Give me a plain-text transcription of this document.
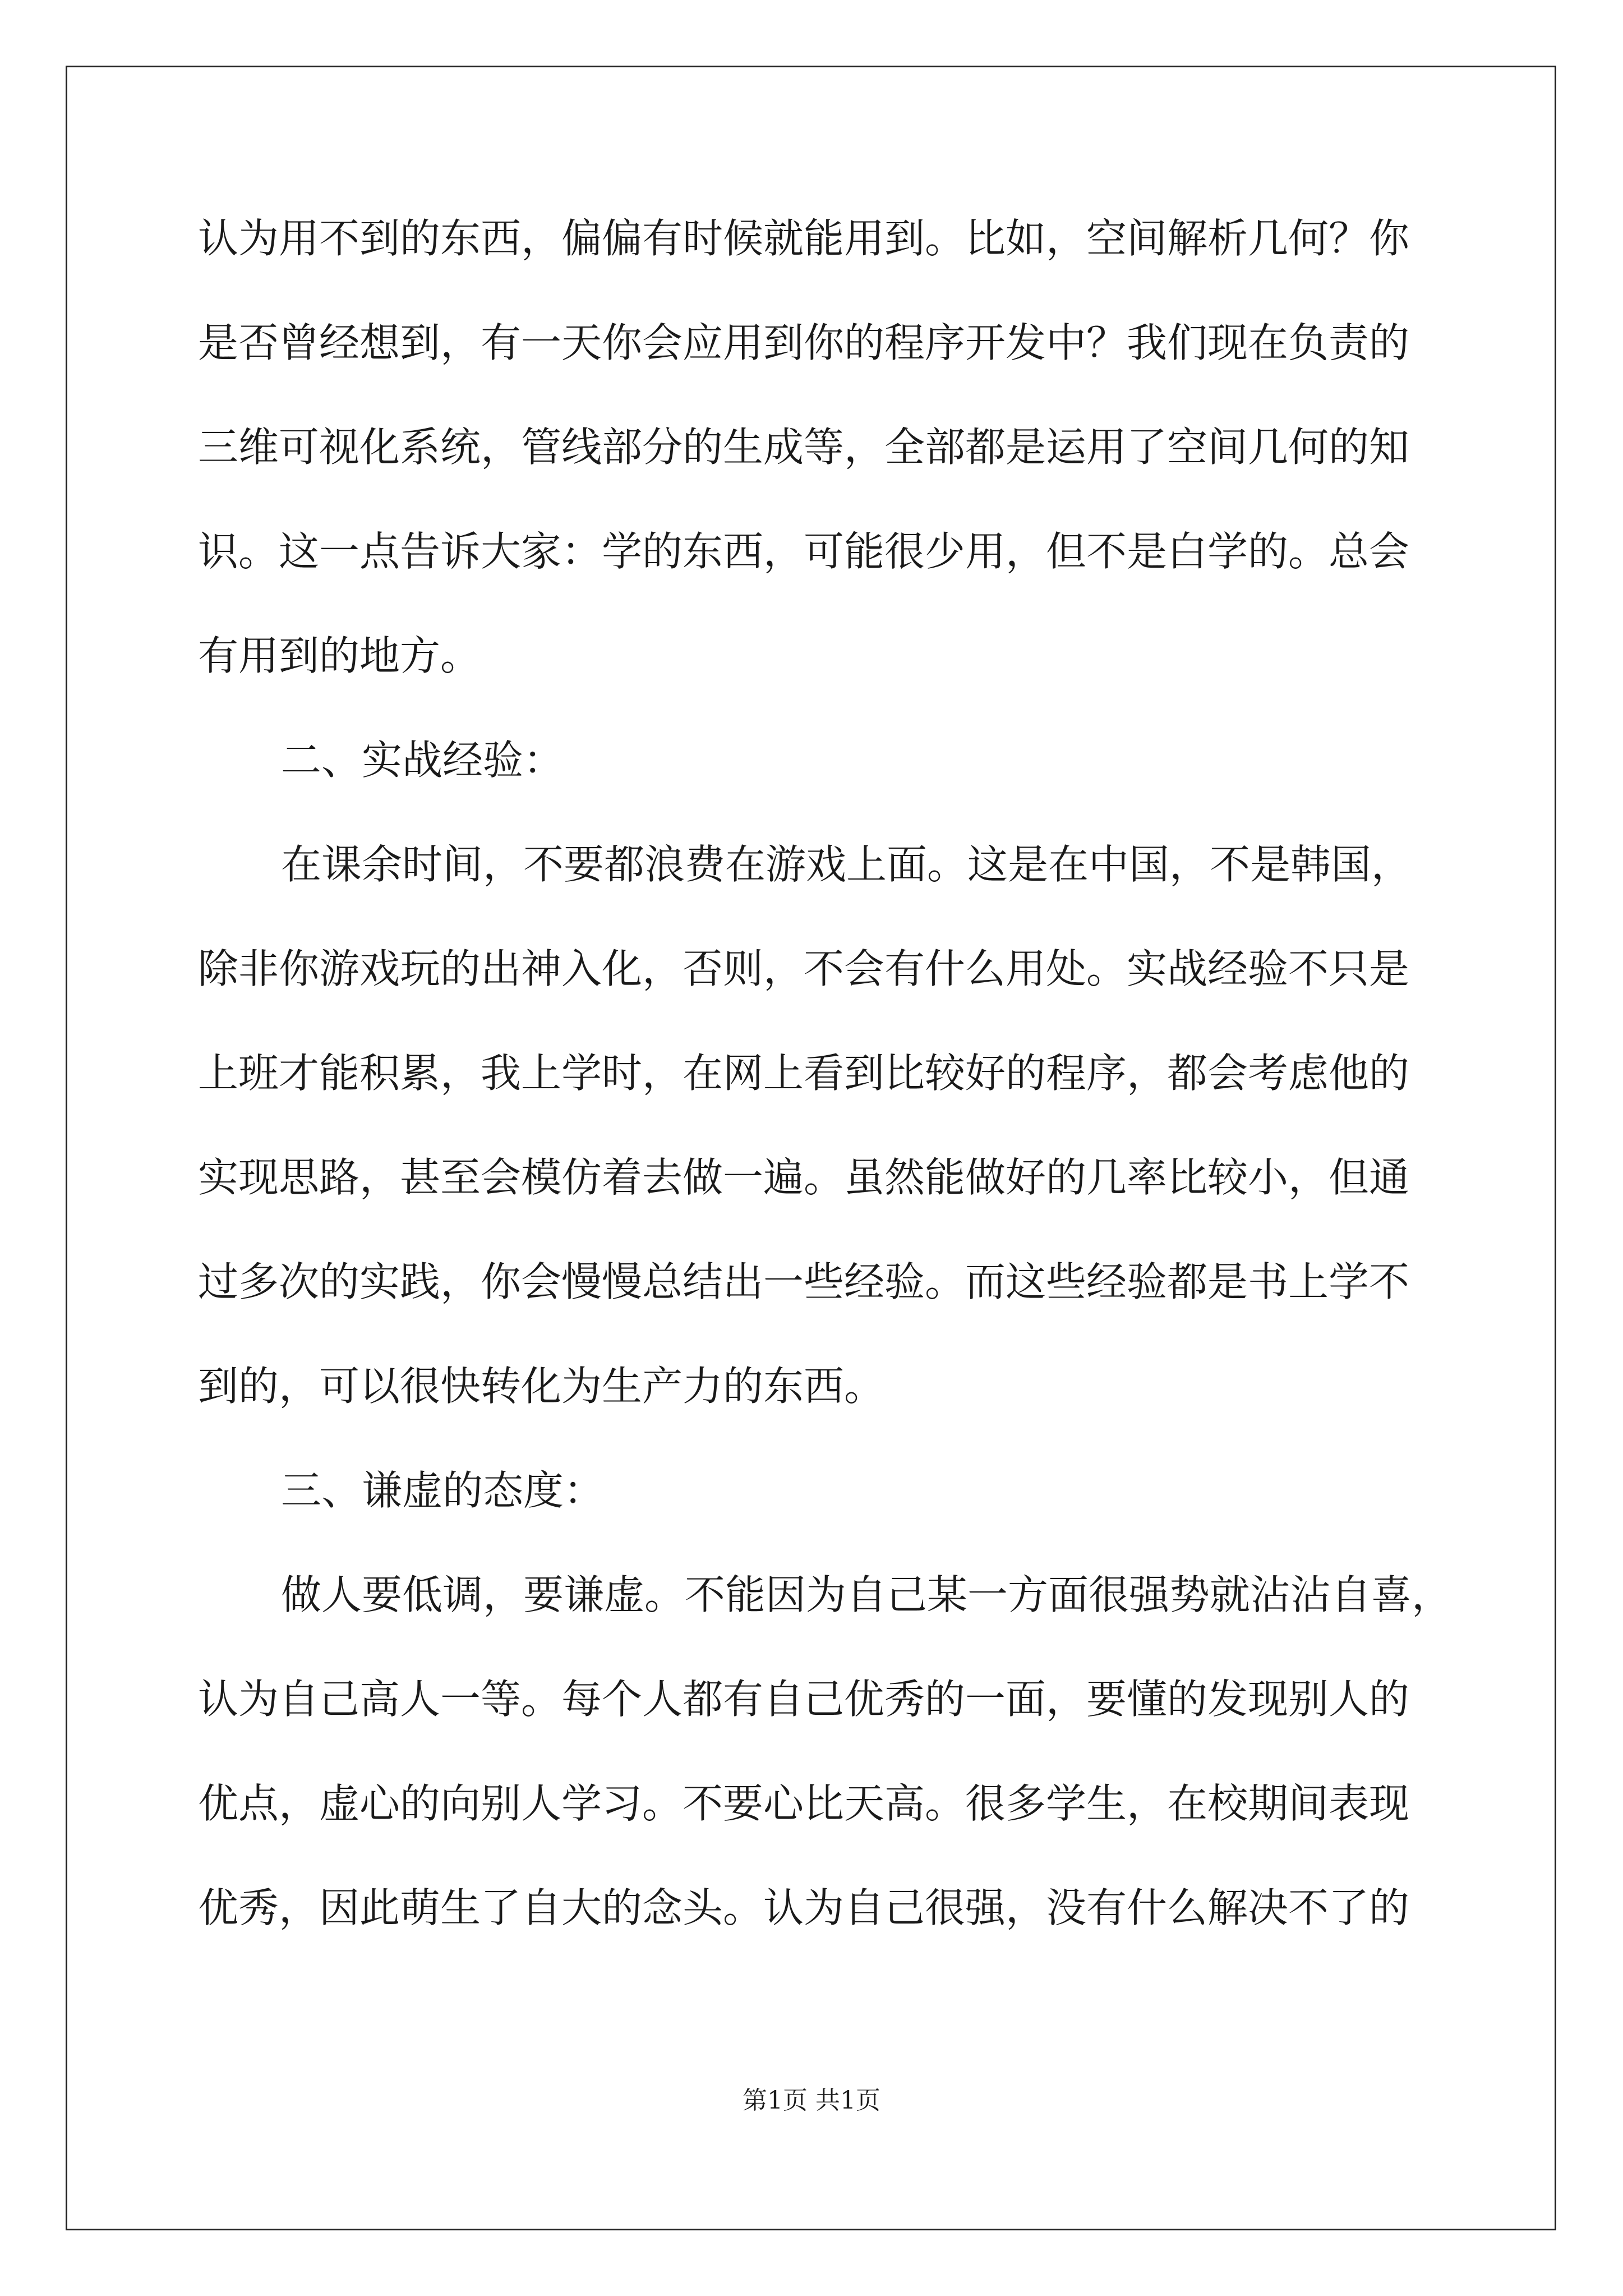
认为用不到的东西，偏偏有时候就能用到。比如，空间解析几何？你
是否曾经想到，有一天你会应用到你的程序开发中？我们现在负责的
三维可视化系统，管线部分的生成等，全部都是运用了空间几何的知
识。这一点告诉大家：学的东西，可能很少用，但不是白学的。总会
有用到的地方。
二、实战经验：
在课余时间，不要都浪费在游戏上面。这是在中国，不是韩国，
除非你游戏玩的出神入化，否则，不会有什么用处。实战经验不只是
上班才能积累，我上学时，在网上看到比较好的程序，都会考虑他的
实现思路，甚至会模仿着去做一遍。虽然能做好的几率比较小，但通
过多次的实践，你会慢慢总结出一些经验。而这些经验都是书上学不
到的，可以很快转化为生产力的东西。
三、谦虚的态度：
做人要低调，要谦虚。不能因为自己某一方面很强势就沾沾自喜，
认为自己高人一等。每个人都有自己优秀的一面，要懂的发现别人的
优点，虚心的向别人学习。不要心比天高。很多学生，在校期间表现
优秀，因此萌生了自大的念头。认为自己很强，没有什么解决不了的
第1页 共1页
